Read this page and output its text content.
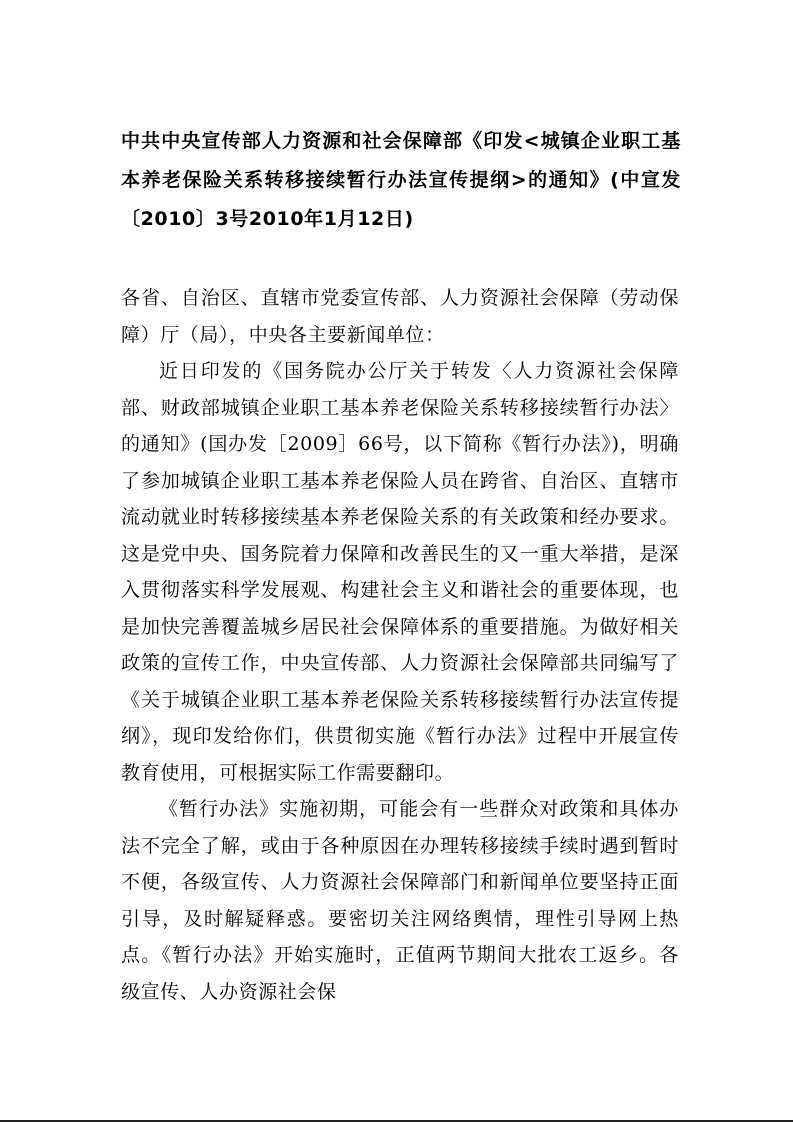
中共中央宣传部人力资源和社会保障部《印发<城镇企业职工基本养老保险关系转移接续暂行办法宣传提纲>的通知》(中宣发〔2010〕3号2010年1月12日)

各省、自治区、直辖市党委宣传部、人力资源社会保障（劳动保障）厅（局），中央各主要新闻单位：

近日印发的《国务院办公厅关于转发〈人力资源社会保障部、财政部城镇企业职工基本养老保险关系转移接续暂行办法〉的通知》(国办发［2009］66号，以下简称《暂行办法》)，明确了参加城镇企业职工基本养老保险人员在跨省、自治区、直辖市流动就业时转移接续基本养老保险关系的有关政策和经办要求。这是党中央、国务院着力保障和改善民生的又一重大举措，是深入贯彻落实科学发展观、构建社会主义和谐社会的重要体现，也是加快完善覆盖城乡居民社会保障体系的重要措施。为做好相关政策的宣传工作，中央宣传部、人力资源社会保障部共同编写了《关于城镇企业职工基本养老保险关系转移接续暂行办法宣传提纲》，现印发给你们，供贯彻实施《暂行办法》过程中开展宣传教育使用，可根据实际工作需要翻印。

《暂行办法》实施初期，可能会有一些群众对政策和具体办法不完全了解，或由于各种原因在办理转移接续手续时遇到暂时不便，各级宣传、人力资源社会保障部门和新闻单位要坚持正面引导，及时解疑释惑。要密切关注网络舆情，理性引导网上热点。《暂行办法》开始实施时，正值两节期间大批农工返乡。各级宣传、人办资源社会保
